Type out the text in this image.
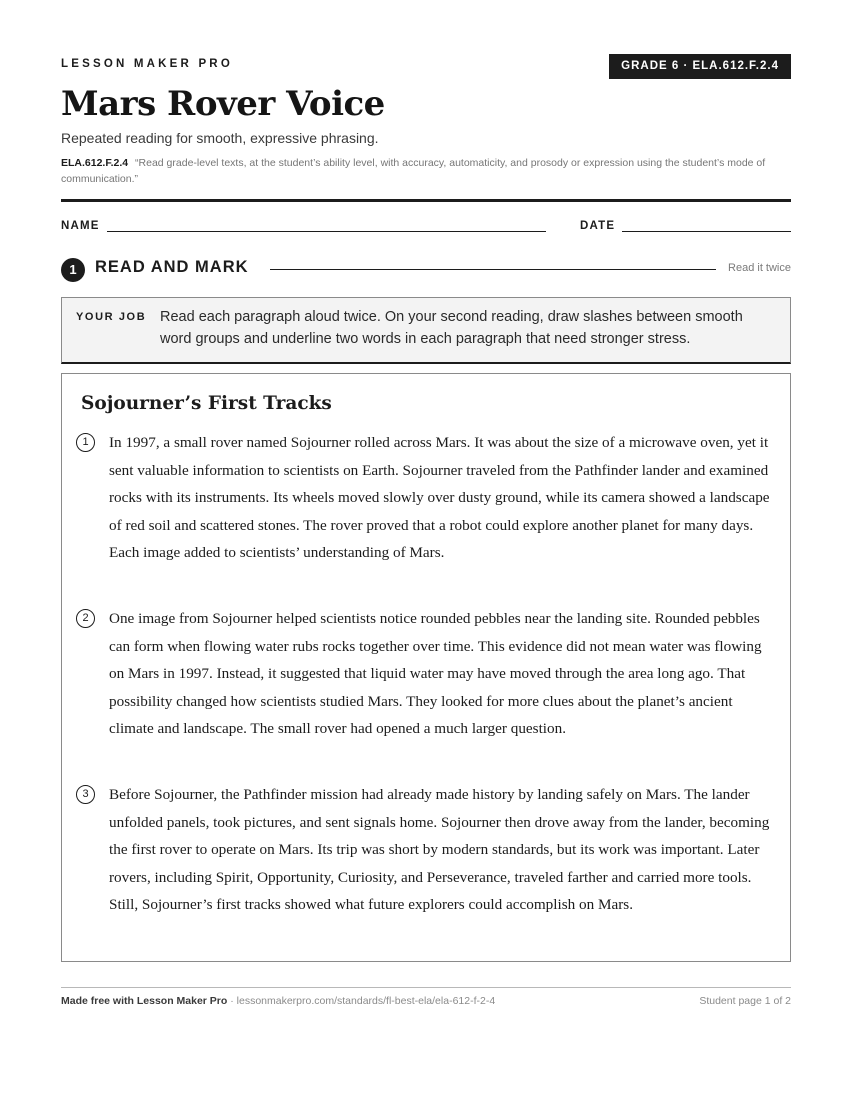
LESSON MAKER PRO	GRADE 6 · ELA.612.F.2.4
Mars Rover Voice
Repeated reading for smooth, expressive phrasing.
ELA.612.F.2.4 “Read grade-level texts, at the student’s ability level, with accuracy, automaticity, and prosody or expression using the student’s mode of communication.”
NAME	DATE
1	READ AND MARK	Read it twice
YOUR JOB Read each paragraph aloud twice. On your second reading, draw slashes between smooth word groups and underline two words in each paragraph that need stronger stress.
Sojourner’s First Tracks
1	In 1997, a small rover named Sojourner rolled across Mars. It was about the size of a microwave oven, yet it sent valuable information to scientists on Earth. Sojourner traveled from the Pathfinder lander and examined rocks with its instruments. Its wheels moved slowly over dusty ground, while its camera showed a landscape of red soil and scattered stones. The rover proved that a robot could explore another planet for many days. Each image added to scientists’ understanding of Mars.

2	One image from Sojourner helped scientists notice rounded pebbles near the landing site. Rounded pebbles can form when flowing water rubs rocks together over time. This evidence did not mean water was flowing on Mars in 1997. Instead, it suggested that liquid water may have moved through the area long ago. That possibility changed how scientists studied Mars. They looked for more clues about the planet’s ancient climate and landscape. The small rover had opened a much larger question.

3	Before Sojourner, the Pathfinder mission had already made history by landing safely on Mars. The lander unfolded panels, took pictures, and sent signals home. Sojourner then drove away from the lander, becoming the first rover to operate on Mars. Its trip was short by modern standards, but its work was important. Later rovers, including Spirit, Opportunity, Curiosity, and Perseverance, traveled farther and carried more tools. Still, Sojourner’s first tracks showed what future explorers could accomplish on Mars.

Made free with Lesson Maker Pro · lessonmakerpro.com/standards/fl-best-ela/ela-612-f-2-4	Student page 1 of 2
